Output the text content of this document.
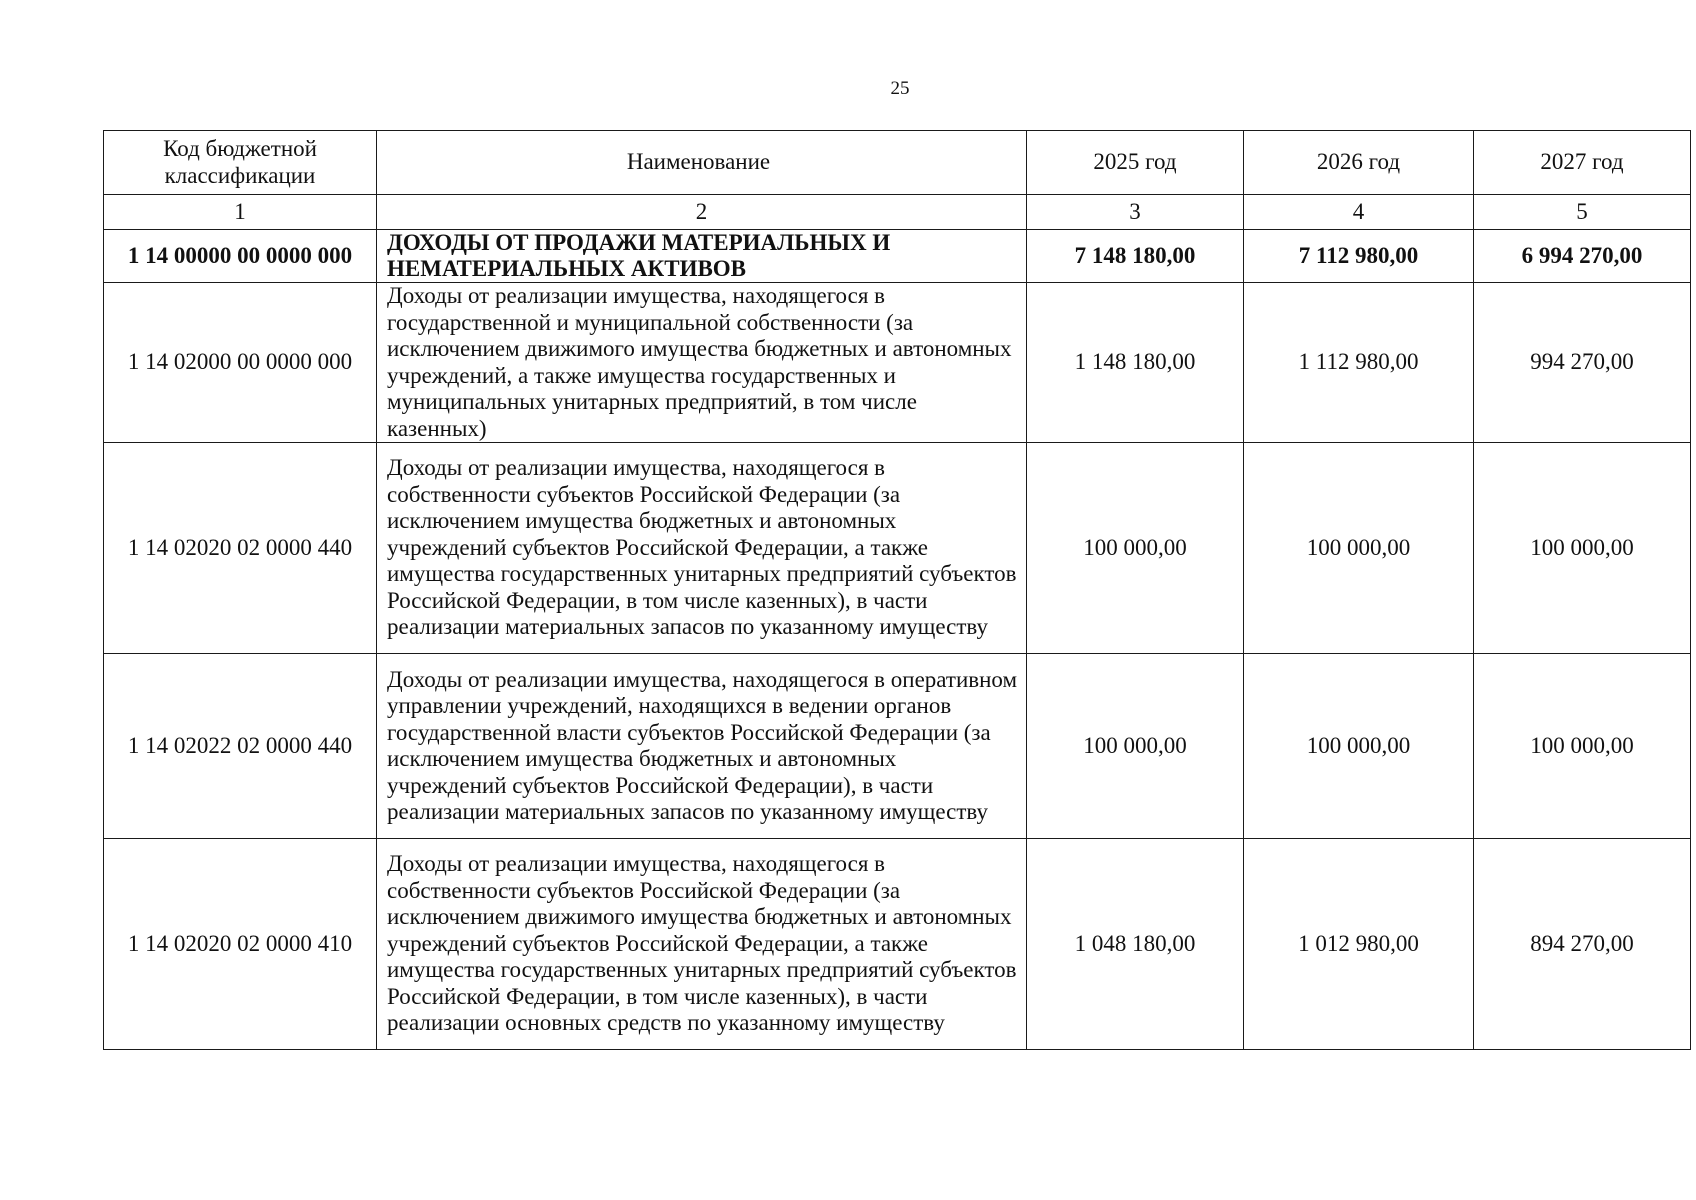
25
Код бюджетной классификации	Наименование	2025 год	2026 год	2027 год
1	2	3	4	5
1 14 00000 00 0000 000	ДОХОДЫ ОТ ПРОДАЖИ МАТЕРИАЛЬНЫХ И НЕМАТЕРИАЛЬНЫХ АКТИВОВ	7 148 180,00	7 112 980,00	6 994 270,00
1 14 02000 00 0000 000	Доходы от реализации имущества, находящегося в государственной и муниципальной собственности (за исключением движимого имущества бюджетных и автономных учреждений, а также имущества государственных и муниципальных унитарных предприятий, в том числе казенных)	1 148 180,00	1 112 980,00	994 270,00
1 14 02020 02 0000 440	Доходы от реализации имущества, находящегося в собственности субъектов Российской Федерации (за исключением имущества бюджетных и автономных учреждений субъектов Российской Федерации, а также имущества государственных унитарных предприятий субъектов Российской Федерации, в том числе казенных), в части реализации материальных запасов по указанному имуществу	100 000,00	100 000,00	100 000,00
1 14 02022 02 0000 440	Доходы от реализации имущества, находящегося в оперативном управлении учреждений, находящихся в ведении органов государственной власти субъектов Российской Федерации (за исключением имущества бюджетных и автономных учреждений субъектов Российской Федерации), в части реализации материальных запасов по указанному имуществу	100 000,00	100 000,00	100 000,00
1 14 02020 02 0000 410	Доходы от реализации имущества, находящегося в собственности субъектов Российской Федерации (за исключением движимого имущества бюджетных и автономных учреждений субъектов Российской Федерации, а также имущества государственных унитарных предприятий субъектов Российской Федерации, в том числе казенных), в части реализации основных средств по указанному имуществу	1 048 180,00	1 012 980,00	894 270,00
